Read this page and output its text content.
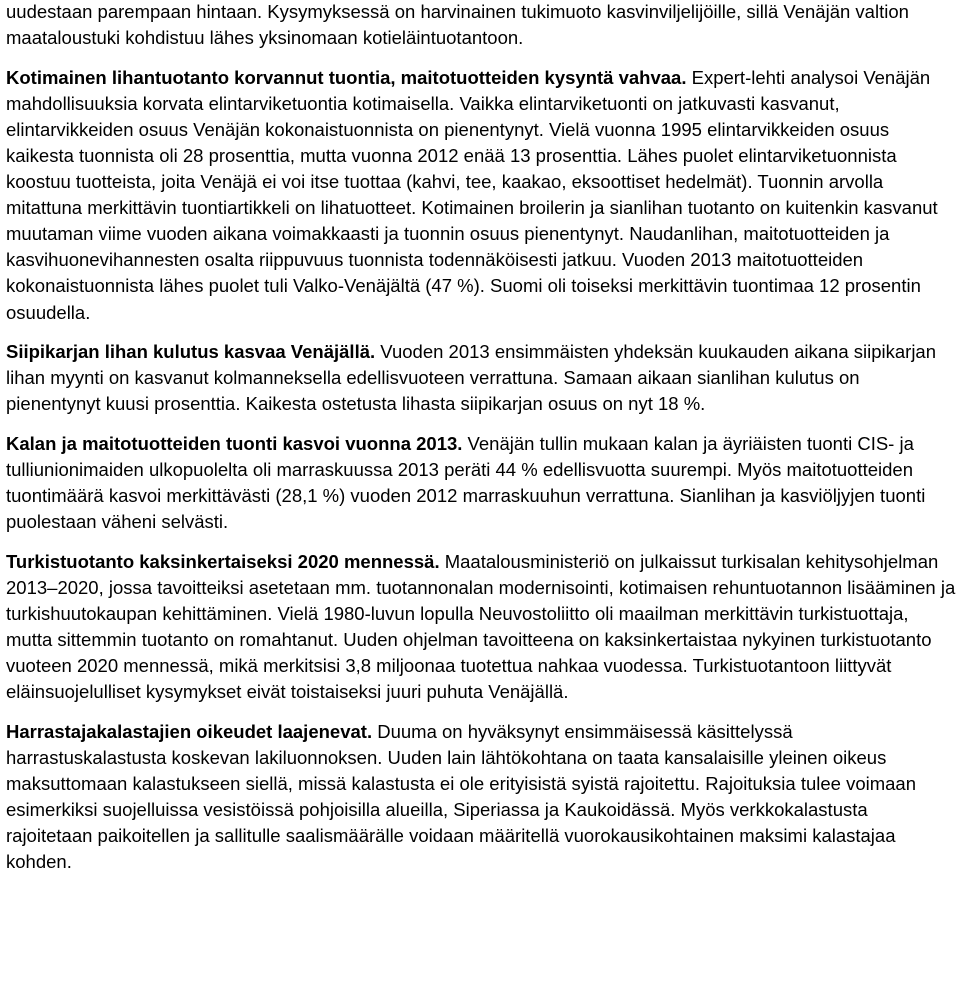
uudestaan parempaan hintaan. Kysymyksessä on harvinainen tukimuoto kasvinviljelijöille, sillä Venäjän valtion maataloustuki kohdistuu lähes yksinomaan kotieläintuotantoon.

Kotimainen lihantuotanto korvannut tuontia, maitotuotteiden kysyntä vahvaa. Expert-lehti analysoi Venäjän mahdollisuuksia korvata elintarviketuontia kotimaisella. Vaikka elintarviketuonti on jatkuvasti kasvanut, elintarvikkeiden osuus Venäjän kokonaistuonnista on pienentynyt. Vielä vuonna 1995 elintarvikkeiden osuus kaikesta tuonnista oli 28 prosenttia, mutta vuonna 2012 enää 13 prosenttia. Lähes puolet elintarviketuonnista koostuu tuotteista, joita Venäjä ei voi itse tuottaa (kahvi, tee, kaakao, eksoottiset hedelmät). Tuonnin arvolla mitattuna merkittävin tuontiartikkeli on lihatuotteet. Kotimainen broilerin ja sianlihan tuotanto on kuitenkin kasvanut muutaman viime vuoden aikana voimakkaasti ja tuonnin osuus pienentynyt. Naudanlihan, maitotuotteiden ja kasvihuonevihannesten osalta riippuvuus tuonnista todennäköisesti jatkuu. Vuoden 2013 maitotuotteiden kokonaistuonnista lähes puolet tuli Valko-Venäjältä (47 %). Suomi oli toiseksi merkittävin tuontimaa 12 prosentin osuudella.

Siipikarjan lihan kulutus kasvaa Venäjällä. Vuoden 2013 ensimmäisten yhdeksän kuukauden aikana siipikarjan lihan myynti on kasvanut kolmanneksella edellisvuoteen verrattuna. Samaan aikaan sianlihan kulutus on pienentynyt kuusi prosenttia. Kaikesta ostetusta lihasta siipikarjan osuus on nyt 18 %.

Kalan ja maitotuotteiden tuonti kasvoi vuonna 2013. Venäjän tullin mukaan kalan ja äyriäisten tuonti CIS- ja tulliunionimaiden ulkopuolelta oli marraskuussa 2013 peräti 44 % edellisvuotta suurempi. Myös maitotuotteiden tuontimäärä kasvoi merkittävästi (28,1 %) vuoden 2012 marraskuuhun verrattuna. Sianlihan ja kasviöljyjen tuonti puolestaan väheni selvästi.

Turkistuotanto kaksinkertaiseksi 2020 mennessä. Maatalousministeriö on julkaissut turkisalan kehitysohjelman 2013–2020, jossa tavoitteiksi asetetaan mm. tuotannonalan modernisointi, kotimaisen rehuntuotannon lisääminen ja turkishuutokaupan kehittäminen. Vielä 1980-luvun lopulla Neuvostoliitto oli maailman merkittävin turkistuottaja, mutta sittemmin tuotanto on romahtanut. Uuden ohjelman tavoitteena on kaksinkertaistaa nykyinen turkistuotanto vuoteen 2020 mennessä, mikä merkitsisi 3,8 miljoonaa tuotettua nahkaa vuodessa. Turkistuotantoon liittyvät eläinsuojelulliset kysymykset eivät toistaiseksi juuri puhuta Venäjällä.

Harrastajakalastajien oikeudet laajenevat. Duuma on hyväksynyt ensimmäisessä käsittelyssä harrastuskalastusta koskevan lakiluonnoksen. Uuden lain lähtökohtana on taata kansalaisille yleinen oikeus maksuttomaan kalastukseen siellä, missä kalastusta ei ole erityisistä syistä rajoitettu. Rajoituksia tulee voimaan esimerkiksi suojelluissa vesistöissä pohjoisilla alueilla, Siperiassa ja Kaukoidässä. Myös verkkokalastusta rajoitetaan paikoitellen ja sallitulle saalismäärälle voidaan määritellä vuorokausikohtainen maksimi kalastajaa kohden.
